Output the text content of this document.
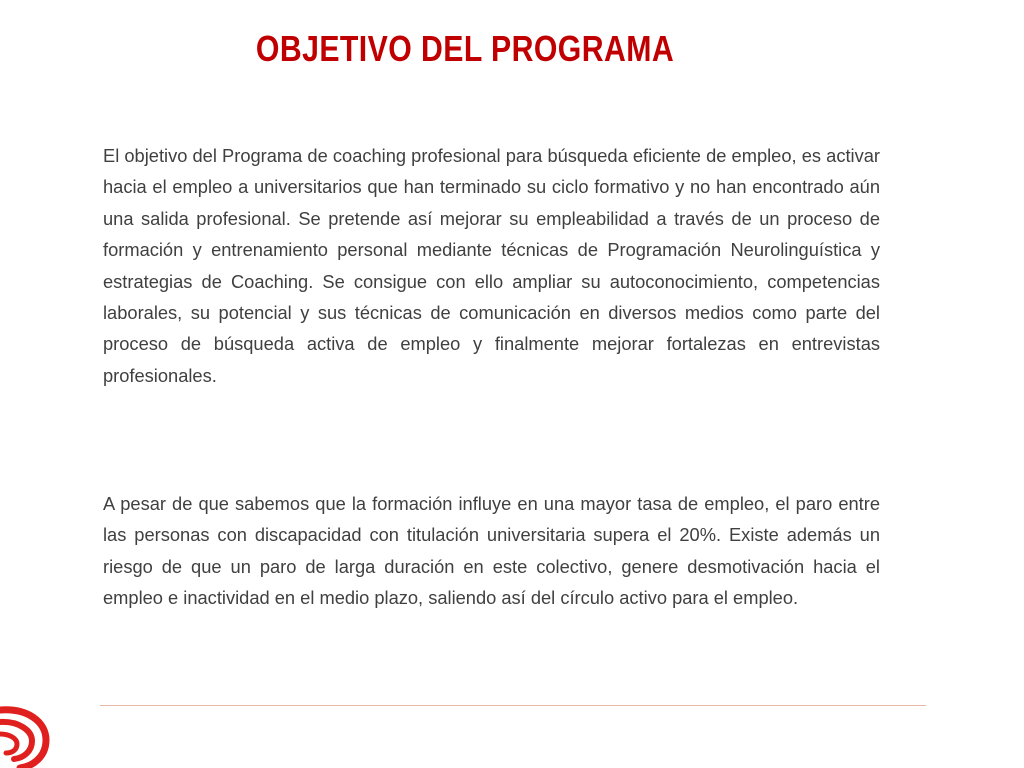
OBJETIVO DEL PROGRAMA

El objetivo del Programa de coaching profesional para búsqueda eficiente de empleo, es activar hacia el empleo a universitarios que han terminado su ciclo formativo y no han encontrado aún una salida profesional. Se pretende así mejorar su empleabilidad a través de un proceso de formación y entrenamiento personal mediante técnicas de Programación Neurolinguística y estrategias de Coaching. Se consigue con ello ampliar su autoconocimiento, competencias laborales, su potencial y sus técnicas de comunicación en diversos medios como parte del proceso de búsqueda activa de empleo y finalmente mejorar fortalezas en entrevistas profesionales.

A pesar de que sabemos que la formación influye en una mayor tasa de empleo, el paro entre las personas con discapacidad con titulación universitaria supera el 20%. Existe además un riesgo de que un paro de larga duración en este colectivo, genere desmotivación hacia el empleo e inactividad en el medio plazo, saliendo así del círculo activo para el empleo.
